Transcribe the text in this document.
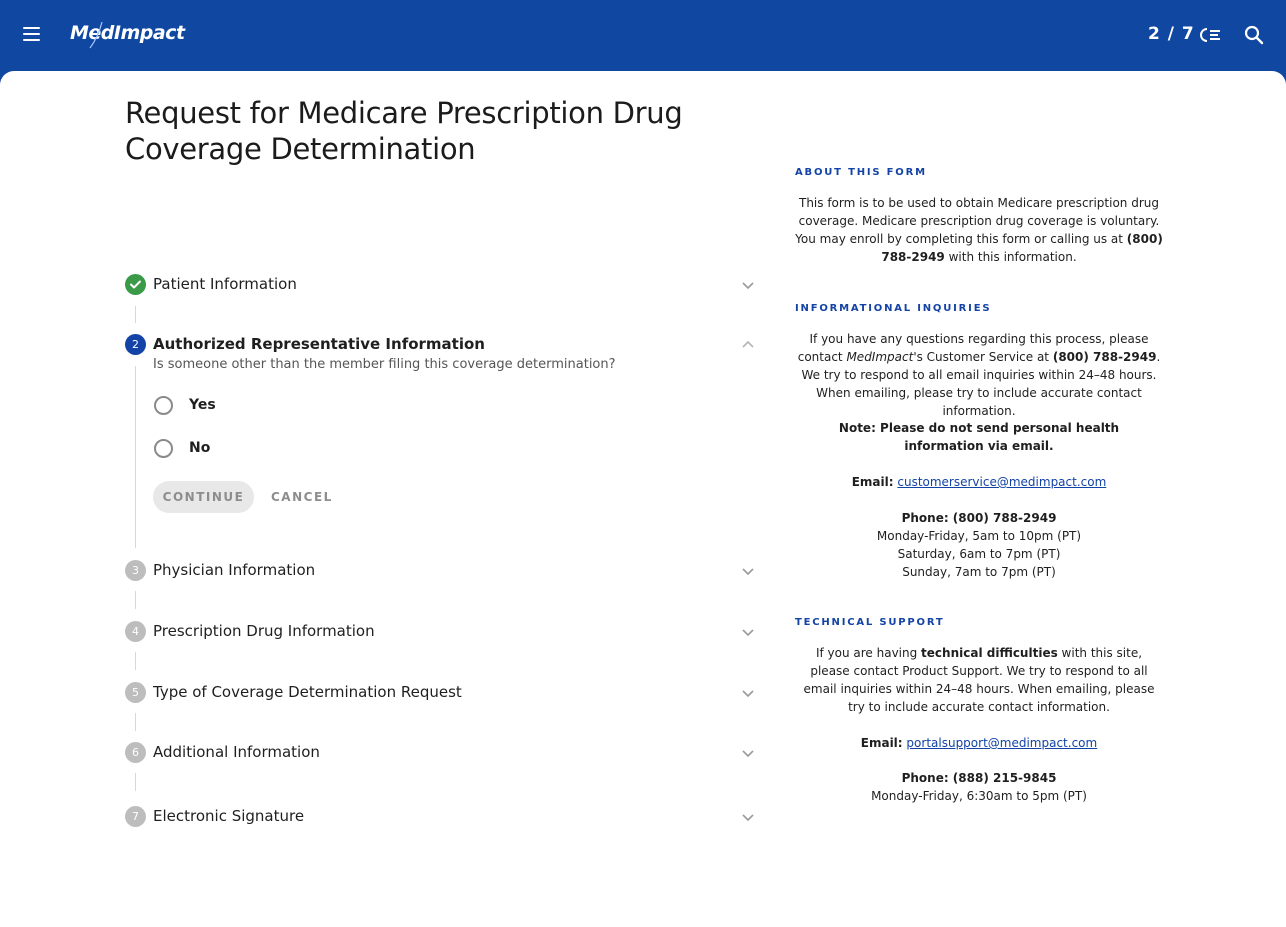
MedImpact	2 / 7
Request for Medicare Prescription Drug Coverage Determination
Patient Information
2 Authorized Representative Information
Is someone other than the member filing this coverage determination?
Yes
No
CONTINUE	CANCEL
3 Physician Information
4 Prescription Drug Information
5 Type of Coverage Determination Request
6 Additional Information
7 Electronic Signature
ABOUT THIS FORM
This form is to be used to obtain Medicare prescription drug coverage. Medicare prescription drug coverage is voluntary. You may enroll by completing this form or calling us at (800) 788-2949 with this information.
INFORMATIONAL INQUIRIES
If you have any questions regarding this process, please contact MedImpact's Customer Service at (800) 788-2949. We try to respond to all email inquiries within 24–48 hours. When emailing, please try to include accurate contact information.
Note: Please do not send personal health information via email.
Email: customerservice@medimpact.com
Phone: (800) 788-2949
Monday-Friday, 5am to 10pm (PT)
Saturday, 6am to 7pm (PT)
Sunday, 7am to 7pm (PT)
TECHNICAL SUPPORT
If you are having technical difficulties with this site, please contact Product Support. We try to respond to all email inquiries within 24–48 hours. When emailing, please try to include accurate contact information.
Email: portalsupport@medimpact.com
Phone: (888) 215-9845
Monday-Friday, 6:30am to 5pm (PT)
